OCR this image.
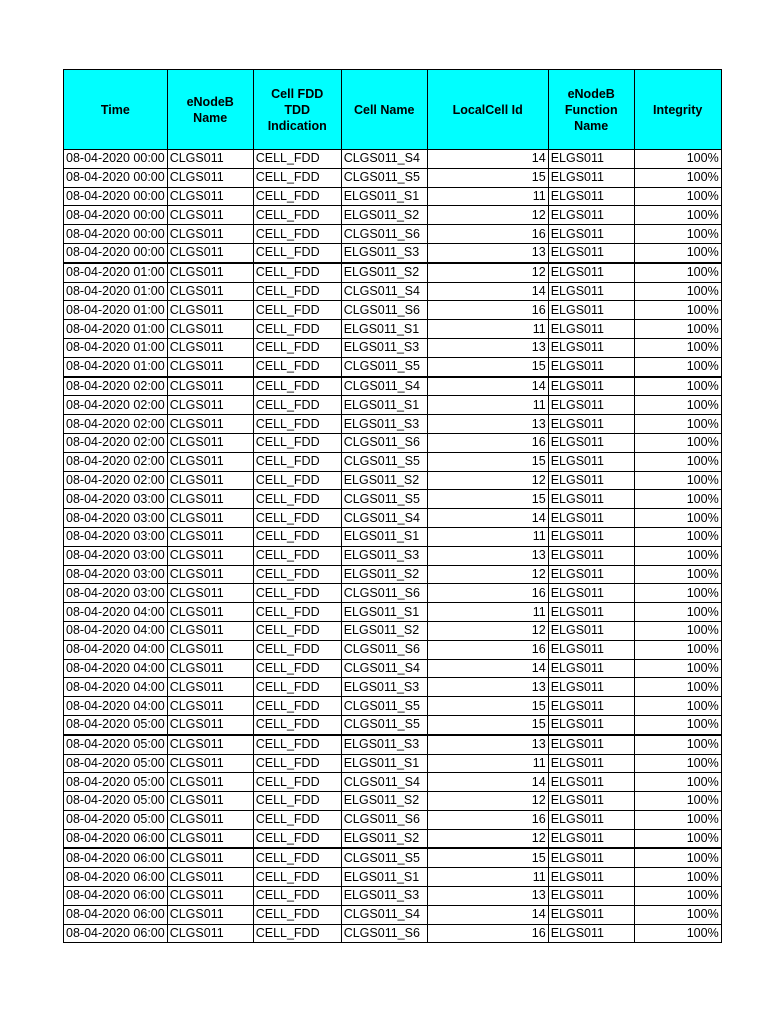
Time	eNodeB Name	Cell FDD TDD Indication	Cell Name	LocalCell Id	eNodeB Function Name	Integrity
08-04-2020 00:00	CLGS011	CELL_FDD	CLGS011_S4	14	ELGS011	100%
08-04-2020 00:00	CLGS011	CELL_FDD	CLGS011_S5	15	ELGS011	100%
08-04-2020 00:00	CLGS011	CELL_FDD	ELGS011_S1	11	ELGS011	100%
08-04-2020 00:00	CLGS011	CELL_FDD	ELGS011_S2	12	ELGS011	100%
08-04-2020 00:00	CLGS011	CELL_FDD	CLGS011_S6	16	ELGS011	100%
08-04-2020 00:00	CLGS011	CELL_FDD	ELGS011_S3	13	ELGS011	100%
08-04-2020 01:00	CLGS011	CELL_FDD	ELGS011_S2	12	ELGS011	100%
08-04-2020 01:00	CLGS011	CELL_FDD	CLGS011_S4	14	ELGS011	100%
08-04-2020 01:00	CLGS011	CELL_FDD	CLGS011_S6	16	ELGS011	100%
08-04-2020 01:00	CLGS011	CELL_FDD	ELGS011_S1	11	ELGS011	100%
08-04-2020 01:00	CLGS011	CELL_FDD	ELGS011_S3	13	ELGS011	100%
08-04-2020 01:00	CLGS011	CELL_FDD	CLGS011_S5	15	ELGS011	100%
08-04-2020 02:00	CLGS011	CELL_FDD	CLGS011_S4	14	ELGS011	100%
08-04-2020 02:00	CLGS011	CELL_FDD	ELGS011_S1	11	ELGS011	100%
08-04-2020 02:00	CLGS011	CELL_FDD	ELGS011_S3	13	ELGS011	100%
08-04-2020 02:00	CLGS011	CELL_FDD	CLGS011_S6	16	ELGS011	100%
08-04-2020 02:00	CLGS011	CELL_FDD	CLGS011_S5	15	ELGS011	100%
08-04-2020 02:00	CLGS011	CELL_FDD	ELGS011_S2	12	ELGS011	100%
08-04-2020 03:00	CLGS011	CELL_FDD	CLGS011_S5	15	ELGS011	100%
08-04-2020 03:00	CLGS011	CELL_FDD	CLGS011_S4	14	ELGS011	100%
08-04-2020 03:00	CLGS011	CELL_FDD	ELGS011_S1	11	ELGS011	100%
08-04-2020 03:00	CLGS011	CELL_FDD	ELGS011_S3	13	ELGS011	100%
08-04-2020 03:00	CLGS011	CELL_FDD	ELGS011_S2	12	ELGS011	100%
08-04-2020 03:00	CLGS011	CELL_FDD	CLGS011_S6	16	ELGS011	100%
08-04-2020 04:00	CLGS011	CELL_FDD	ELGS011_S1	11	ELGS011	100%
08-04-2020 04:00	CLGS011	CELL_FDD	ELGS011_S2	12	ELGS011	100%
08-04-2020 04:00	CLGS011	CELL_FDD	CLGS011_S6	16	ELGS011	100%
08-04-2020 04:00	CLGS011	CELL_FDD	CLGS011_S4	14	ELGS011	100%
08-04-2020 04:00	CLGS011	CELL_FDD	ELGS011_S3	13	ELGS011	100%
08-04-2020 04:00	CLGS011	CELL_FDD	CLGS011_S5	15	ELGS011	100%
08-04-2020 05:00	CLGS011	CELL_FDD	CLGS011_S5	15	ELGS011	100%
08-04-2020 05:00	CLGS011	CELL_FDD	ELGS011_S3	13	ELGS011	100%
08-04-2020 05:00	CLGS011	CELL_FDD	ELGS011_S1	11	ELGS011	100%
08-04-2020 05:00	CLGS011	CELL_FDD	CLGS011_S4	14	ELGS011	100%
08-04-2020 05:00	CLGS011	CELL_FDD	ELGS011_S2	12	ELGS011	100%
08-04-2020 05:00	CLGS011	CELL_FDD	CLGS011_S6	16	ELGS011	100%
08-04-2020 06:00	CLGS011	CELL_FDD	ELGS011_S2	12	ELGS011	100%
08-04-2020 06:00	CLGS011	CELL_FDD	CLGS011_S5	15	ELGS011	100%
08-04-2020 06:00	CLGS011	CELL_FDD	ELGS011_S1	11	ELGS011	100%
08-04-2020 06:00	CLGS011	CELL_FDD	ELGS011_S3	13	ELGS011	100%
08-04-2020 06:00	CLGS011	CELL_FDD	CLGS011_S4	14	ELGS011	100%
08-04-2020 06:00	CLGS011	CELL_FDD	CLGS011_S6	16	ELGS011	100%
